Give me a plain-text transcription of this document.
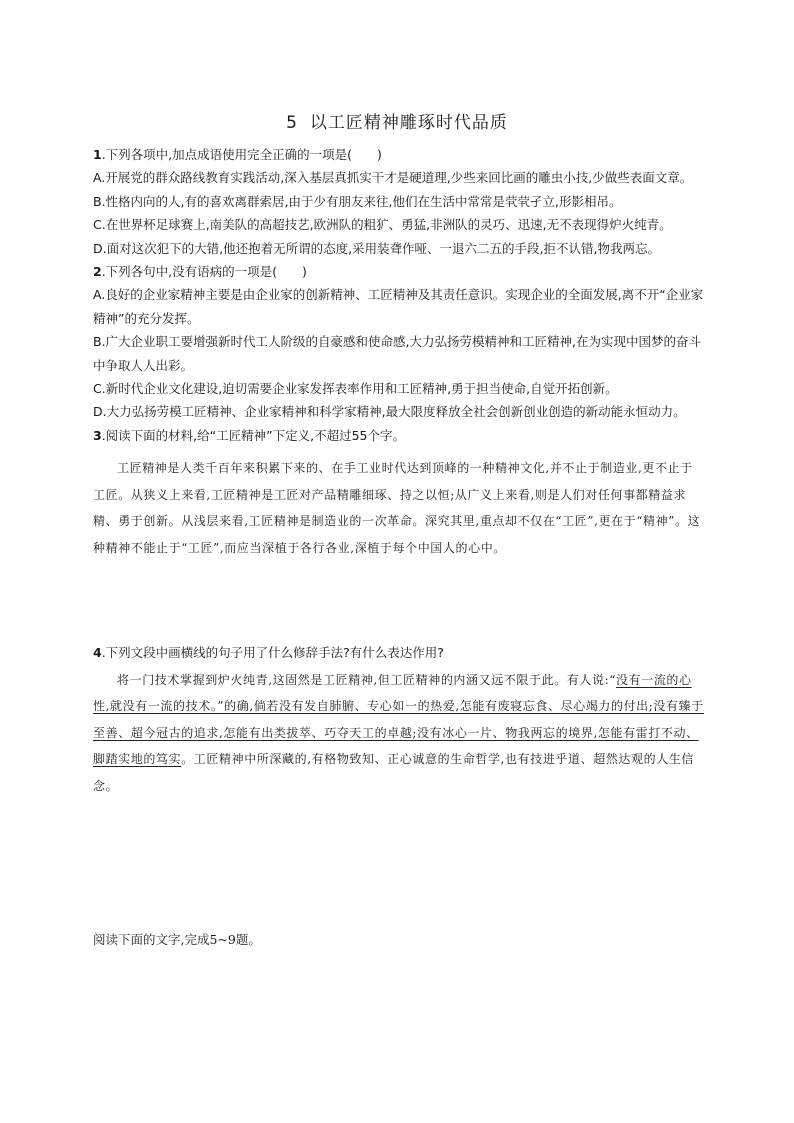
5 以工匠精神雕琢时代品质

1.下列各项中,加点成语使用完全正确的一项是(　　)

A.开展党的群众路线教育实践活动,深入基层真抓实干才是硬道理,少些来回比画的雕虫小技,少做些表面文章。

B.性格内向的人,有的喜欢离群索居,由于少有朋友来往,他们在生活中常常是茕茕孑立,形影相吊。

C.在世界杯足球赛上,南美队的高超技艺,欧洲队的粗犷、勇猛,非洲队的灵巧、迅速,无不表现得炉火纯青。

D.面对这次犯下的大错,他还抱着无所谓的态度,采用装聋作哑、一退六二五的手段,拒不认错,物我两忘。

2.下列各句中,没有语病的一项是(　　)

A.良好的企业家精神主要是由企业家的创新精神、工匠精神及其责任意识。实现企业的全面发展,离不开“企业家精神”的充分发挥。

B.广大企业职工要增强新时代工人阶级的自豪感和使命感,大力弘扬劳模精神和工匠精神,在为实现中国梦的奋斗中争取人人出彩。

C.新时代企业文化建设,迫切需要企业家发挥表率作用和工匠精神,勇于担当使命,自觉开拓创新。

D.大力弘扬劳模工匠精神、企业家精神和科学家精神,最大限度释放全社会创新创业创造的新动能永恒动力。

3.阅读下面的材料,给“工匠精神”下定义,不超过55个字。

工匠精神是人类千百年来积累下来的、在手工业时代达到顶峰的一种精神文化,并不止于制造业,更不止于工匠。从狭义上来看,工匠精神是工匠对产品精雕细琢、持之以恒;从广义上来看,则是人们对任何事都精益求精、勇于创新。从浅层来看,工匠精神是制造业的一次革命。深究其里,重点却不仅在“工匠”,更在于“精神”。这种精神不能止于“工匠”,而应当深植于各行各业,深植于每个中国人的心中。

4.下列文段中画横线的句子用了什么修辞手法?有什么表达作用?

将一门技术掌握到炉火纯青,这固然是工匠精神,但工匠精神的内涵又远不限于此。有人说:“没有一流的心性,就没有一流的技术。”的确,倘若没有发自肺腑、专心如一的热爱,怎能有废寝忘食、尽心竭力的付出;没有臻于至善、超今冠古的追求,怎能有出类拔萃、巧夺天工的卓越;没有冰心一片、物我两忘的境界,怎能有雷打不动、脚踏实地的笃实。工匠精神中所深藏的,有格物致知、正心诚意的生命哲学,也有技进乎道、超然达观的人生信念。

阅读下面的文字,完成5~9题。
